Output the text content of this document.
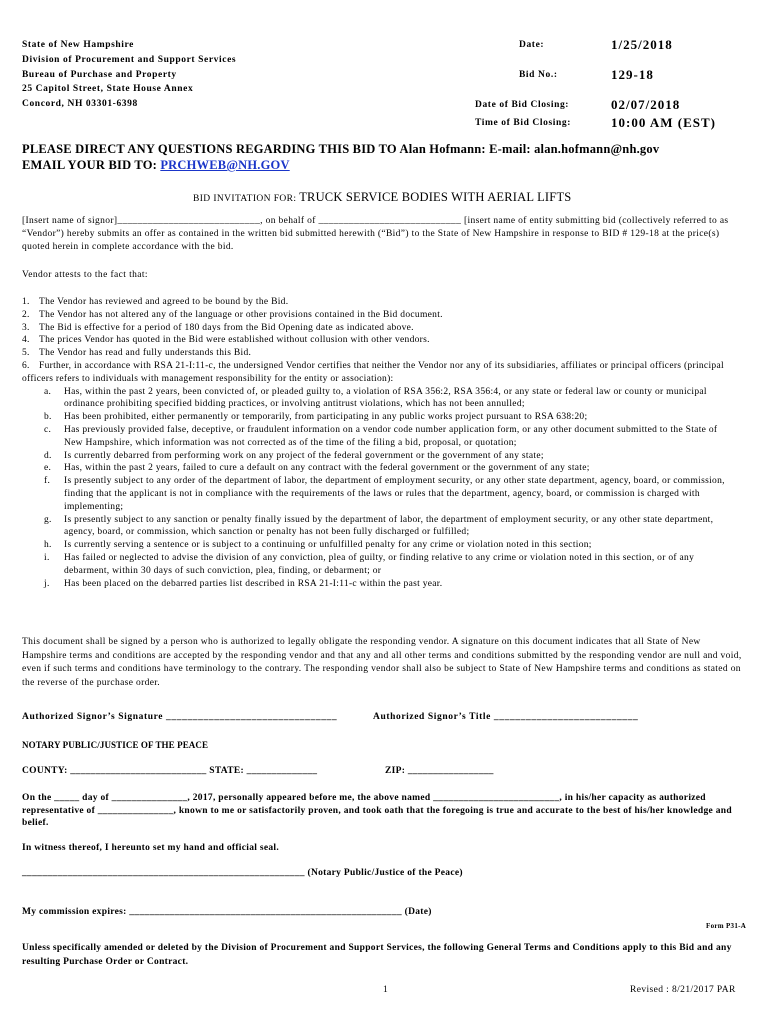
State of New Hampshire
Division of Procurement and Support Services
Bureau of Purchase and Property
25 Capitol Street, State House Annex
Concord, NH 03301-6398
Date:	1/25/2018
Bid No.:	129-18
Date of Bid Closing:	02/07/2018
Time of Bid Closing:	10:00 AM (EST)
PLEASE DIRECT ANY QUESTIONS REGARDING THIS BID TO Alan Hofmann: E-mail: alan.hofmann@nh.gov
EMAIL YOUR BID TO: PRCHWEB@NH.GOV
BID INVITATION FOR: TRUCK SERVICE BODIES WITH AERIAL LIFTS
[Insert name of signor]____________________________, on behalf of ____________________________ [insert name of entity submitting bid (collectively referred to as “Vendor”) hereby submits an offer as contained in the written bid submitted herewith (“Bid”) to the State of New Hampshire in response to BID # 129-18 at the price(s) quoted herein in complete accordance with the bid.
Vendor attests to the fact that:
1. The Vendor has reviewed and agreed to be bound by the Bid.
2. The Vendor has not altered any of the language or other provisions contained in the Bid document.
3. The Bid is effective for a period of 180 days from the Bid Opening date as indicated above.
4. The prices Vendor has quoted in the Bid were established without collusion with other vendors.
5. The Vendor has read and fully understands this Bid.
6. Further, in accordance with RSA 21-I:11-c, the undersigned Vendor certifies that neither the Vendor nor any of its subsidiaries, affiliates or principal officers (principal officers refers to individuals with management responsibility for the entity or association):
a. Has, within the past 2 years, been convicted of, or pleaded guilty to, a violation of RSA 356:2, RSA 356:4, or any state or federal law or county or municipal ordinance prohibiting specified bidding practices, or involving antitrust violations, which has not been annulled;
b. Has been prohibited, either permanently or temporarily, from participating in any public works project pursuant to RSA 638:20;
c. Has previously provided false, deceptive, or fraudulent information on a vendor code number application form, or any other document submitted to the State of New Hampshire, which information was not corrected as of the time of the filing a bid, proposal, or quotation;
d. Is currently debarred from performing work on any project of the federal government or the government of any state;
e. Has, within the past 2 years, failed to cure a default on any contract with the federal government or the government of any state;
f. Is presently subject to any order of the department of labor, the department of employment security, or any other state department, agency, board, or commission, finding that the applicant is not in compliance with the requirements of the laws or rules that the department, agency, board, or commission is charged with implementing;
g. Is presently subject to any sanction or penalty finally issued by the department of labor, the department of employment security, or any other state department, agency, board, or commission, which sanction or penalty has not been fully discharged or fulfilled;
h. Is currently serving a sentence or is subject to a continuing or unfulfilled penalty for any crime or violation noted in this section;
i. Has failed or neglected to advise the division of any conviction, plea of guilty, or finding relative to any crime or violation noted in this section, or of any debarment, within 30 days of such conviction, plea, finding, or debarment; or
j. Has been placed on the debarred parties list described in RSA 21-I:11-c within the past year.
This document shall be signed by a person who is authorized to legally obligate the responding vendor. A signature on this document indicates that all State of New Hampshire terms and conditions are accepted by the responding vendor and that any and all other terms and conditions submitted by the responding vendor are null and void, even if such terms and conditions have terminology to the contrary. The responding vendor shall also be subject to State of New Hampshire terms and conditions as stated on the reverse of the purchase order.
Authorized Signor’s Signature ________________________________	Authorized Signor’s Title ___________________________
NOTARY PUBLIC/JUSTICE OF THE PEACE
COUNTY: ___________________________ STATE: ______________	ZIP: _________________
On the _____ day of _______________, 2017, personally appeared before me, the above named _________________________, in his/her capacity as authorized representative of _______________, known to me or satisfactorily proven, and took oath that the foregoing is true and accurate to the best of his/her knowledge and belief.
In witness thereof, I hereunto set my hand and official seal.
________________________________________________________ (Notary Public/Justice of the Peace)
My commission expires: ______________________________________________________ (Date)
Form P31-A
Unless specifically amended or deleted by the Division of Procurement and Support Services, the following General Terms and Conditions apply to this Bid and any resulting Purchase Order or Contract.
1	Revised : 8/21/2017 PAR
